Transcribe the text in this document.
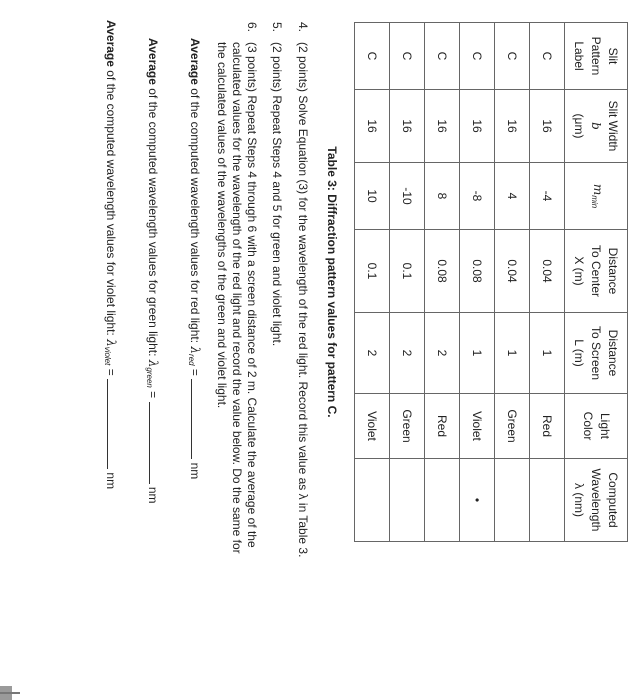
Slit
Pattern
Label	Slit Width
b
(μm)	$m_{min}$	Distance
To Center
X (m)	Distance
To Screen
L (m)	Light
Color	Computed
Wavelength
λ (nm)
C	16	-4	0.04	1	Red	
C	16	4	0.04	1	Green	
C	16	-8	0.08	1	Violet	•
C	16	8	0.08	2	Red	
C	16	-10	0.1	2	Green	
C	16	10	0.1	2	Violet	
Table 3: Diffraction pattern values for pattern C.
4.
(2 points) Solve Equation (3) for the wavelength of the red light. Record this value as λ in Table 3.
5.
(2 points) Repeat Steps 4 and 5 for green and violet light.
6.
(3 points) Repeat Steps 4 through 6 with a screen distance of 2 m. Calculate the average of the calculated values for the wavelength of the red light and record the value below. Do the same for the calculated values of the wavelengths of the green and violet light.
Average of the computed wavelength values for red light: $\lambda_{red}$ =  nm
Average of the computed wavelength values for green light: $\lambda_{green}$ =  nm
Average of the computed wavelength values for violet light: $\lambda_{violet}$ =  nm
